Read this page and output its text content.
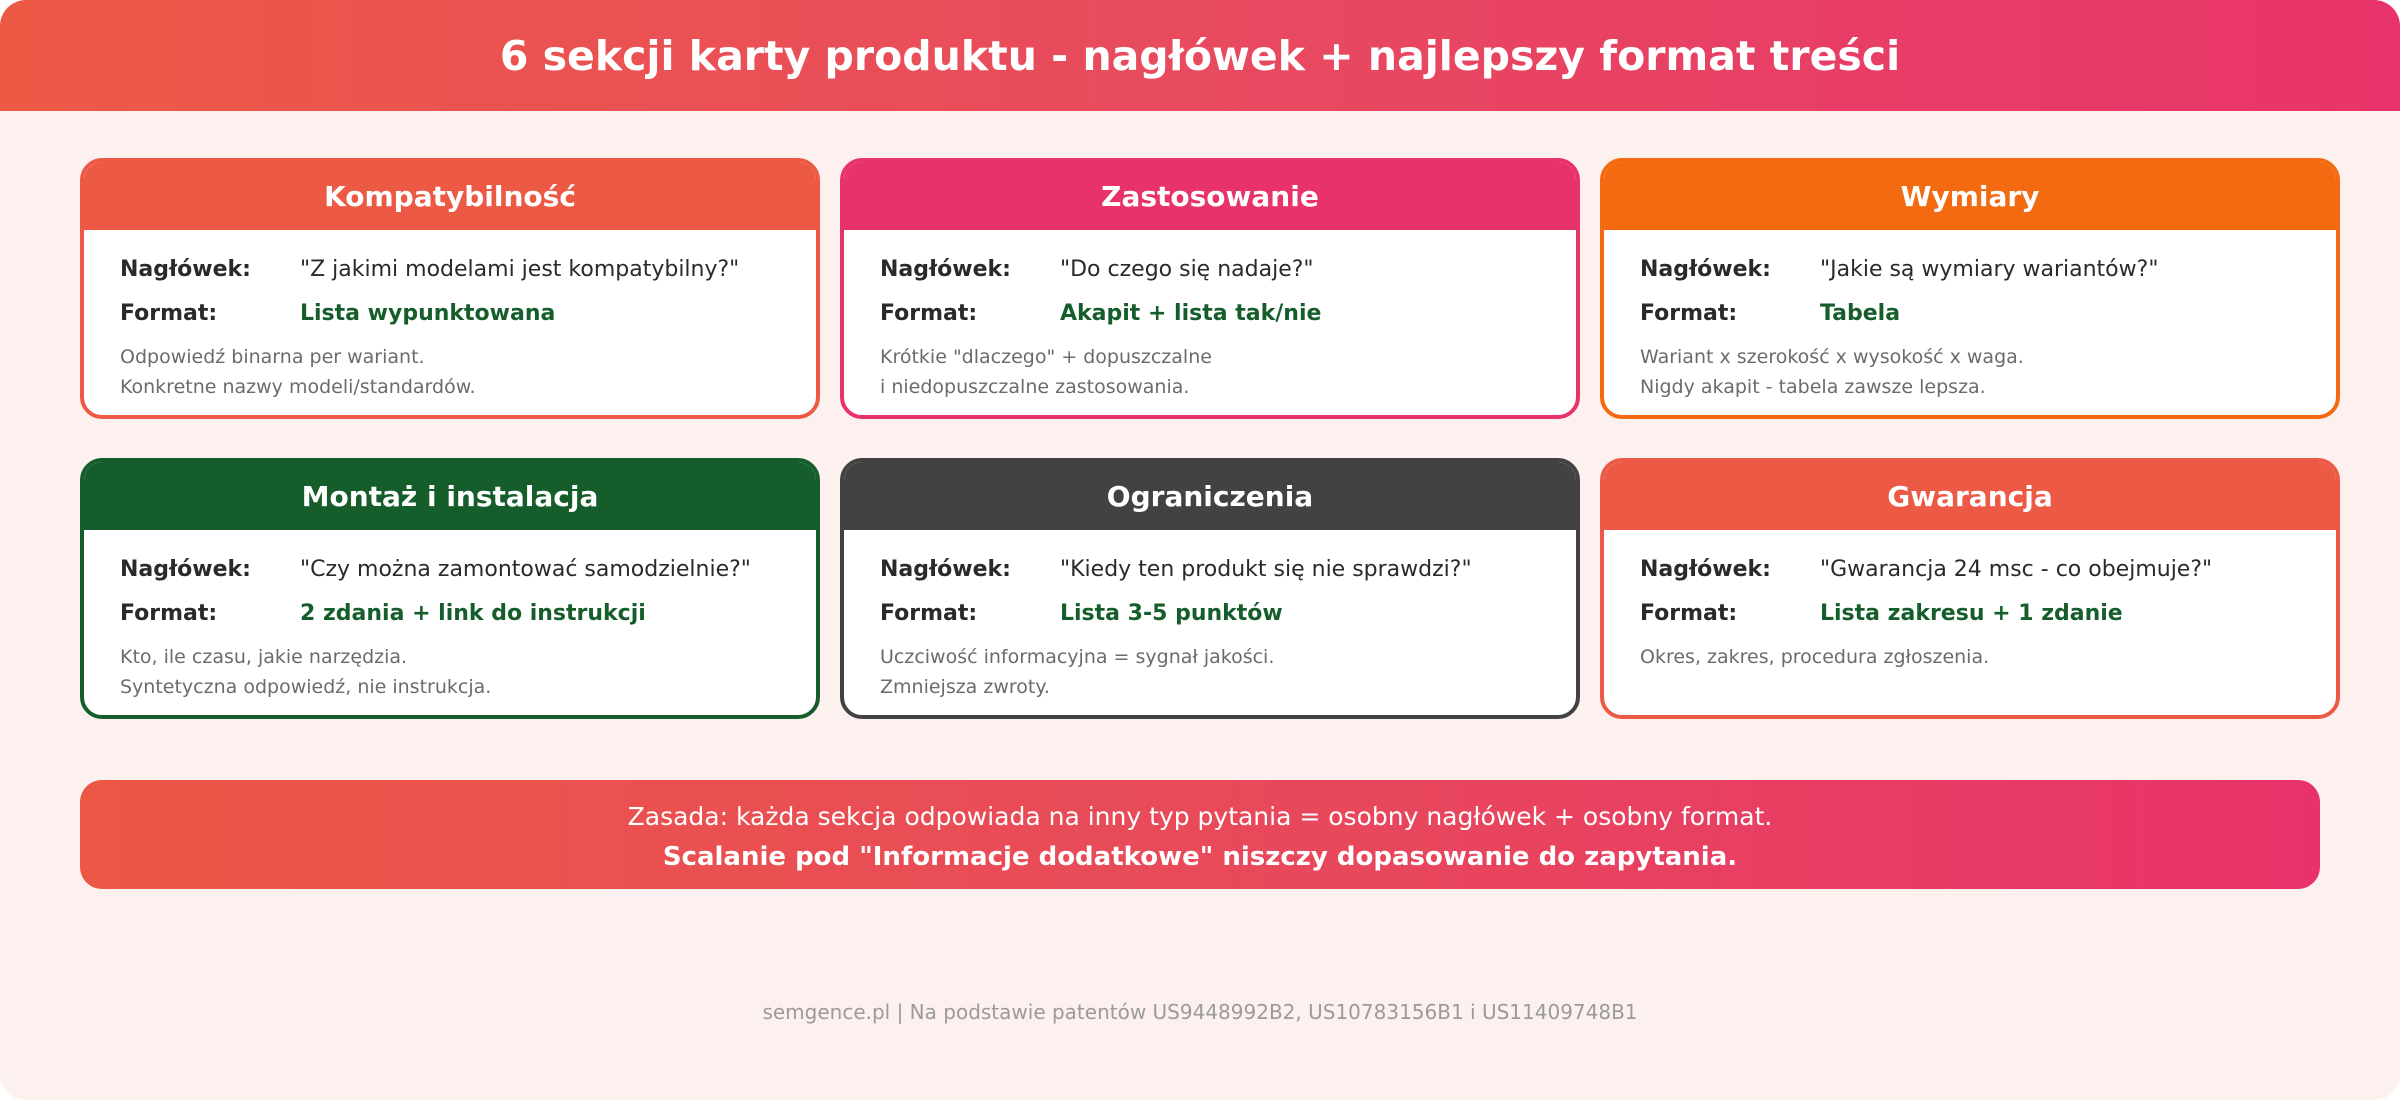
6 sekcji karty produktu - nagłówek + najlepszy format treści
Kompatybilność
Nagłówek: "Z jakimi modelami jest kompatybilny?"
Format:	Lista wypunktowana
Odpowiedź binarna per wariant.
Konkretne nazwy modeli/standardów.
Zastosowanie
Nagłówek: "Do czego się nadaje?"
Format:	Akapit + lista tak/nie
Krótkie "dlaczego" + dopuszczalne
i niedopuszczalne zastosowania.
Wymiary
Nagłówek: "Jakie są wymiary wariantów?"
Format:	Tabela
Wariant x szerokość x wysokość x waga.
Nigdy akapit - tabela zawsze lepsza.
Montaż i instalacja
Nagłówek: "Czy można zamontować samodzielnie?"
Format:	2 zdania + link do instrukcji
Kto, ile czasu, jakie narzędzia.
Syntetyczna odpowiedź, nie instrukcja.
Ograniczenia
Nagłówek: "Kiedy ten produkt się nie sprawdzi?"
Format:	Lista 3-5 punktów
Uczciwość informacyjna = sygnał jakości.
Zmniejsza zwroty.
Gwarancja
Nagłówek: "Gwarancja 24 msc - co obejmuje?"
Format:	Lista zakresu + 1 zdanie
Okres, zakres, procedura zgłoszenia.
Zasada: każda sekcja odpowiada na inny typ pytania = osobny nagłówek + osobny format.
Scalanie pod "Informacje dodatkowe" niszczy dopasowanie do zapytania.
semgence.pl | Na podstawie patentów US9448992B2, US10783156B1 i US11409748B1
